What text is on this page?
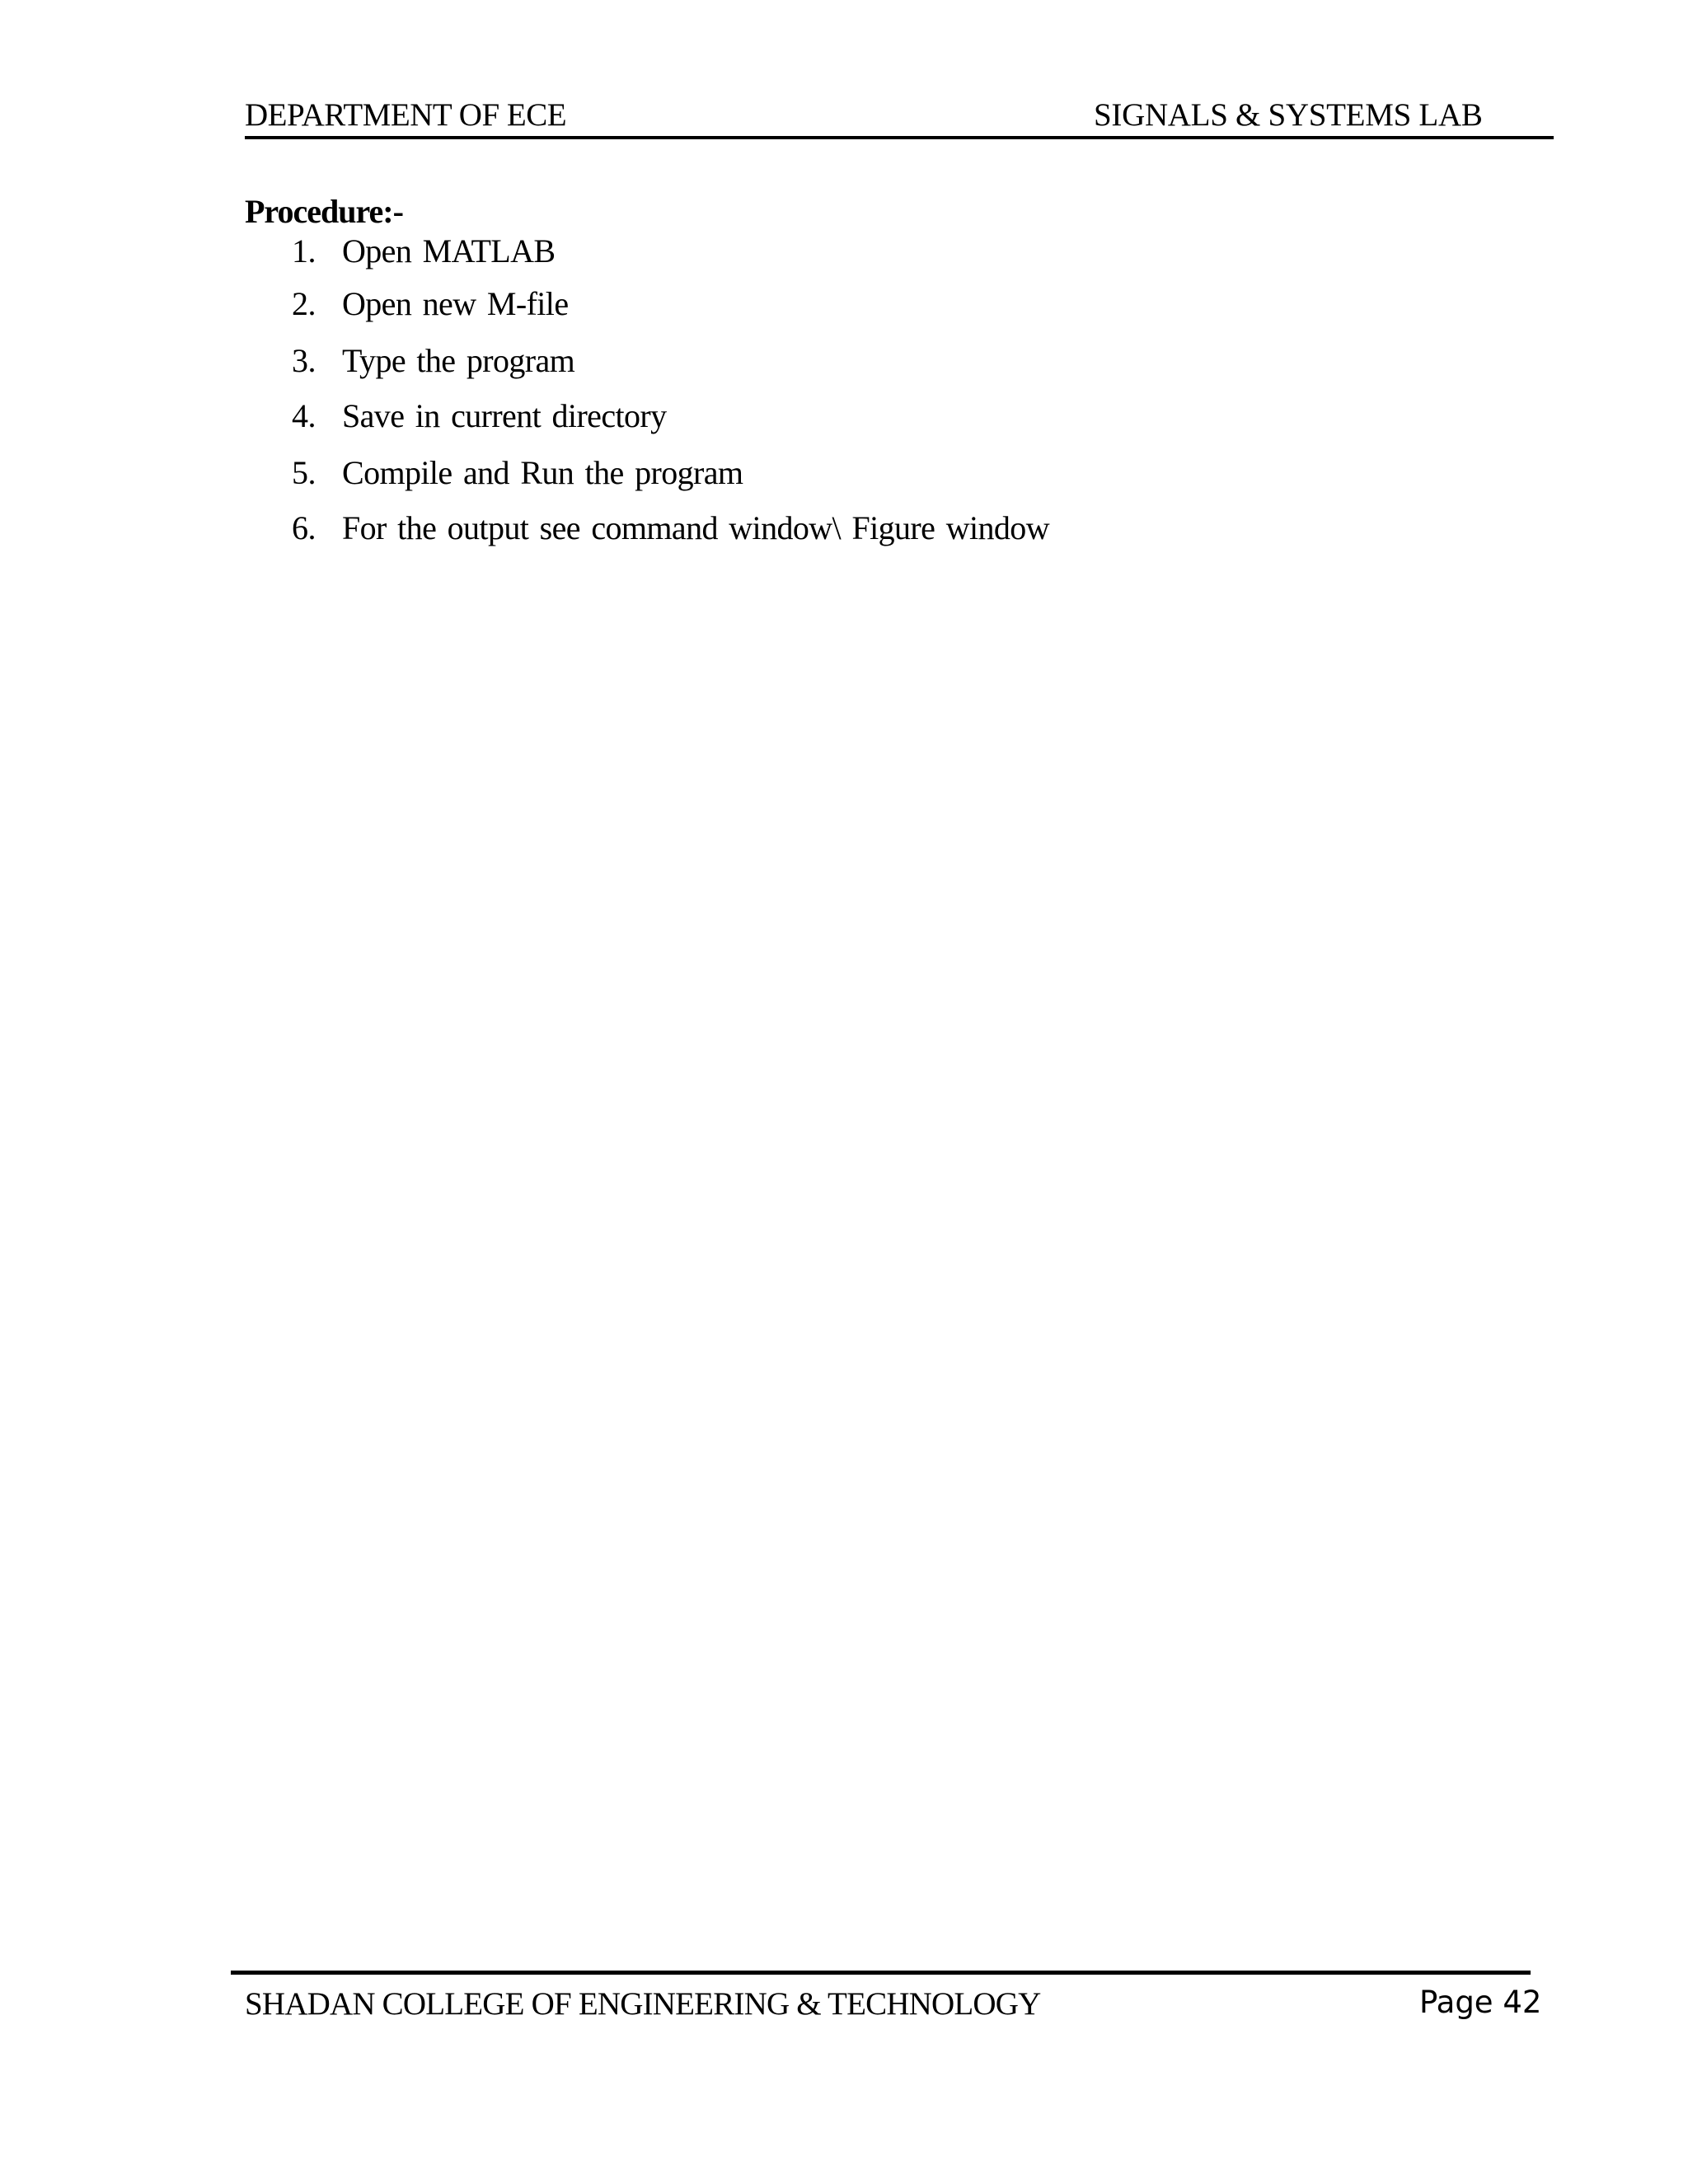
DEPARTMENT OF ECE	SIGNALS & SYSTEMS LAB
Procedure:-
1. Open MATLAB
2. Open new M-file
3. Type the program
4. Save in current directory
5. Compile and Run the program
6. For the output see command window\ Figure window
SHADAN COLLEGE OF ENGINEERING & TECHNOLOGY	Page 42
